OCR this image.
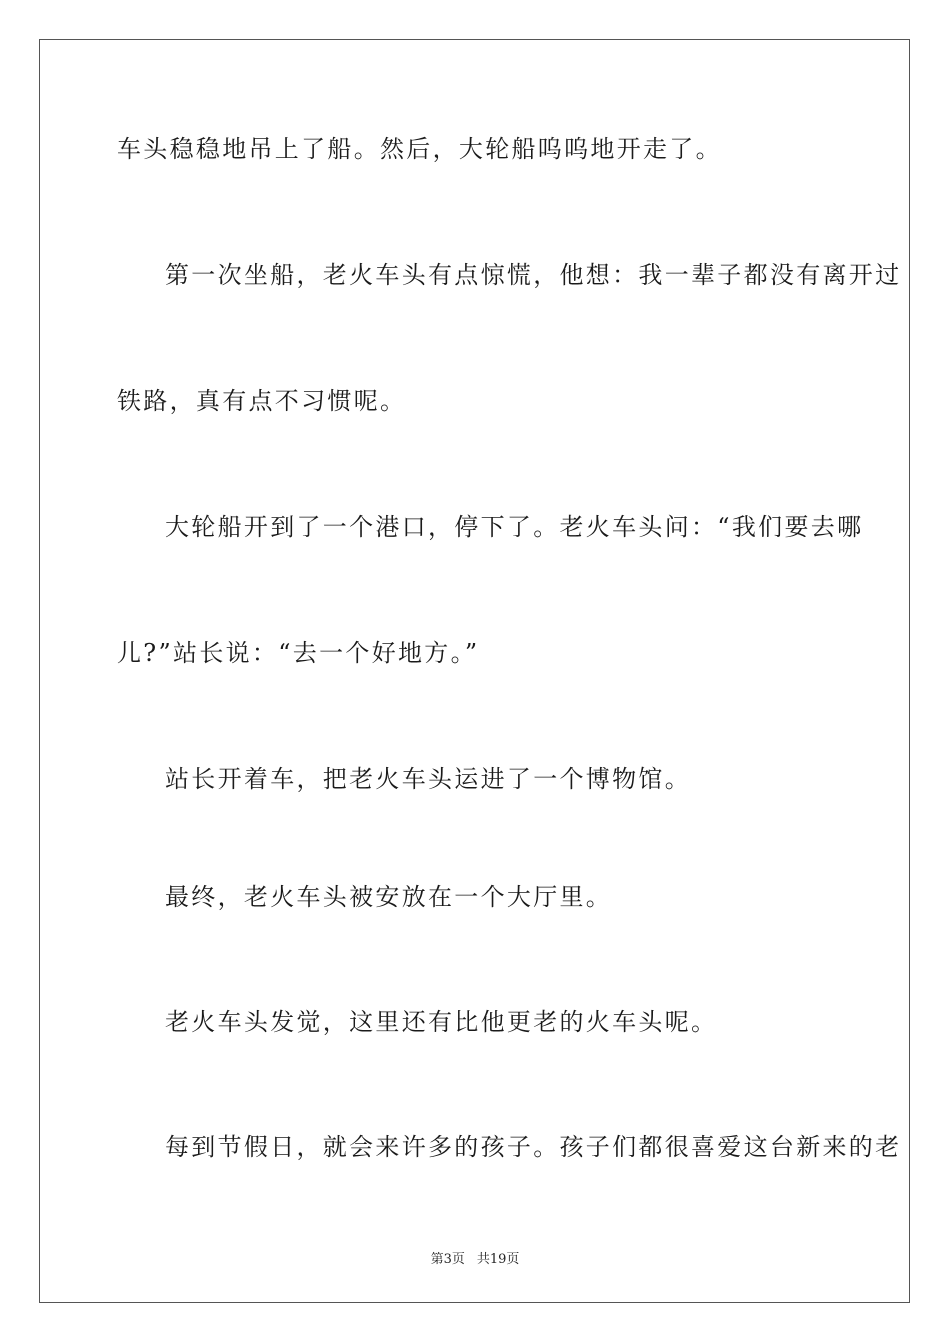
车头稳稳地吊上了船。然后，大轮船呜呜地开走了。
第一次坐船，老火车头有点惊慌，他想：我一辈子都没有离开过
铁路，真有点不习惯呢。
大轮船开到了一个港口，停下了。老火车头问：“我们要去哪
儿?”站长说：“去一个好地方。”
站长开着车，把老火车头运进了一个博物馆。
最终，老火车头被安放在一个大厅里。
老火车头发觉，这里还有比他更老的火车头呢。
每到节假日，就会来许多的孩子。孩子们都很喜爱这台新来的老
第3页 共19页
